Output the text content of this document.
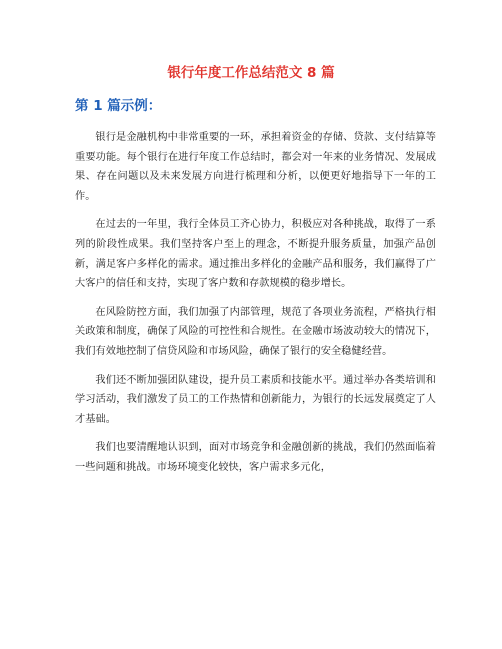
银行年度工作总结范文 8 篇
第 1 篇示例：

银行是金融机构中非常重要的一环，承担着资金的存储、贷款、支付结算等重要功能。每个银行在进行年度工作总结时，都会对一年来的业务情况、发展成果、存在问题以及未来发展方向进行梳理和分析，以便更好地指导下一年的工作。

在过去的一年里，我行全体员工齐心协力，积极应对各种挑战，取得了一系列的阶段性成果。我们坚持客户至上的理念，不断提升服务质量，加强产品创新，满足客户多样化的需求。通过推出多样化的金融产品和服务，我们赢得了广大客户的信任和支持，实现了客户数和存款规模的稳步增长。

在风险防控方面，我们加强了内部管理，规范了各项业务流程，严格执行相关政策和制度，确保了风险的可控性和合规性。在金融市场波动较大的情况下，我们有效地控制了信贷风险和市场风险，确保了银行的安全稳健经营。

我们还不断加强团队建设，提升员工素质和技能水平。通过举办各类培训和学习活动，我们激发了员工的工作热情和创新能力，为银行的长远发展奠定了人才基础。

我们也要清醒地认识到，面对市场竞争和金融创新的挑战，我们仍然面临着一些问题和挑战。市场环境变化较快，客户需求多元化，
